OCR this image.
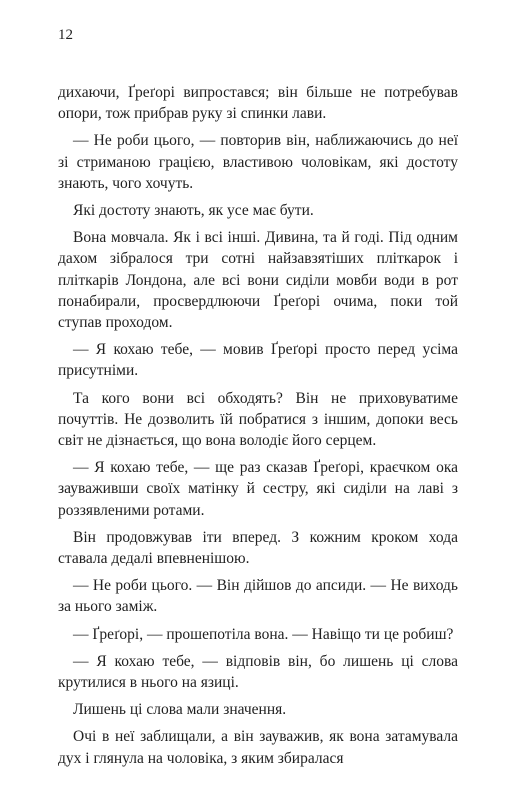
12

дихаючи, Ґреґорі випростався; він більше не потребував опори, тож прибрав руку зі спинки лави.

— Не роби цього, — повторив він, наближаючись до неї зі стриманою грацією, властивою чоловікам, які достоту знають, чого хочуть.

Які достоту знають, як усе має бути.

Вона мовчала. Як і всі інші. Дивина, та й годі. Під одним дахом зібралося три сотні найзавзятіших пліткарок і пліткарів Лондона, але всі вони сиділи мовби води в рот понабирали, просвердлюючи Ґреґорі очима, поки той ступав проходом.

— Я кохаю тебе, — мовив Ґреґорі просто перед усіма присутніми.

Та кого вони всі обходять? Він не приховуватиме почуттів. Не дозволить їй побратися з іншим, допоки весь світ не дізнається, що вона володіє його серцем.

— Я кохаю тебе, — ще раз сказав Ґреґорі, краєчком ока зауваживши своїх матінку й сестру, які сиділи на лаві з роззявленими ротами.

Він продовжував іти вперед. З кожним кроком хода ставала дедалі впевненішою.

— Не роби цього. — Він дійшов до апсиди. — Не виходь за нього заміж.

— Ґреґорі, — прошепотіла вона. — Навіщо ти це робиш?

— Я кохаю тебе, — відповів він, бо лишень ці слова крутилися в нього на язиці.

Лишень ці слова мали значення.

Очі в неї заблищали, а він зауважив, як вона затамувала дух і глянула на чоловіка, з яким збиралася
